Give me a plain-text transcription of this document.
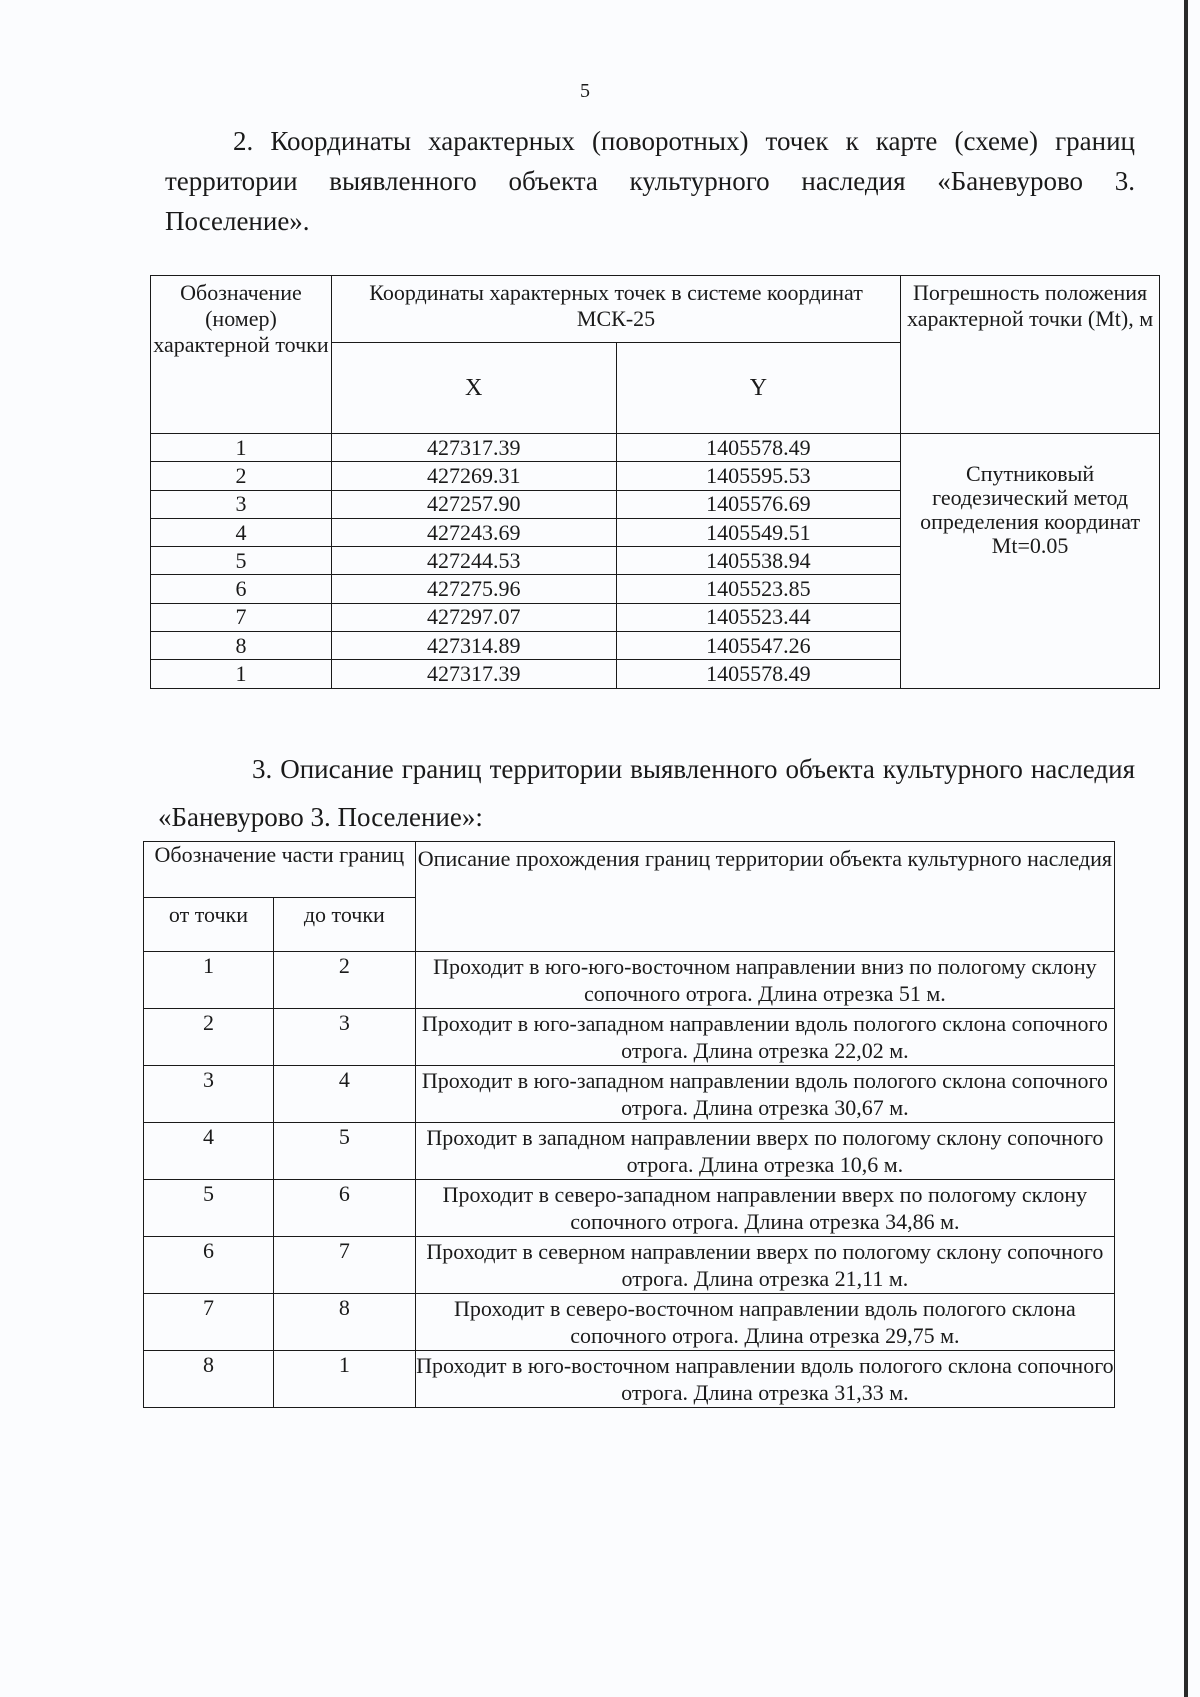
5

2. Координаты характерных (поворотных) точек к карте (схеме) границ территории выявленного объекта культурного наследия «Баневурово 3. Поселение».

Обозначение (номер) характерной точки	Координаты характерных точек в системе координат МСК-25		Погрешность положения характерной точки (Mt), м
	X	Y	
1	427317.39	1405578.49	Спутниковый геодезический метод определения координат Mt=0.05
2	427269.31	1405595.53	
3	427257.90	1405576.69	
4	427243.69	1405549.51	
5	427244.53	1405538.94	
6	427275.96	1405523.85	
7	427297.07	1405523.44	
8	427314.89	1405547.26	
1	427317.39	1405578.49	

3. Описание границ территории выявленного объекта культурного наследия «Баневурово 3. Поселение»:

Обозначение части границ		Описание прохождения границ территории объекта культурного наследия
от точки	до точки	
1	2	Проходит в юго-юго-восточном направлении вниз по пологому склону сопочного отрога. Длина отрезка 51 м.
2	3	Проходит в юго-западном направлении вдоль пологого склона сопочного отрога. Длина отрезка 22,02 м.
3	4	Проходит в юго-западном направлении вдоль пологого склона сопочного отрога. Длина отрезка 30,67 м.
4	5	Проходит в западном направлении вверх по пологому склону сопочного отрога. Длина отрезка 10,6 м.
5	6	Проходит в северо-западном направлении вверх по пологому склону сопочного отрога. Длина отрезка 34,86 м.
6	7	Проходит в северном направлении вверх по пологому склону сопочного отрога. Длина отрезка 21,11 м.
7	8	Проходит в северо-восточном направлении вдоль пологого склона сопочного отрога. Длина отрезка 29,75 м.
8	1	Проходит в юго-восточном направлении вдоль пологого склона сопочного отрога. Длина отрезка 31,33 м.
